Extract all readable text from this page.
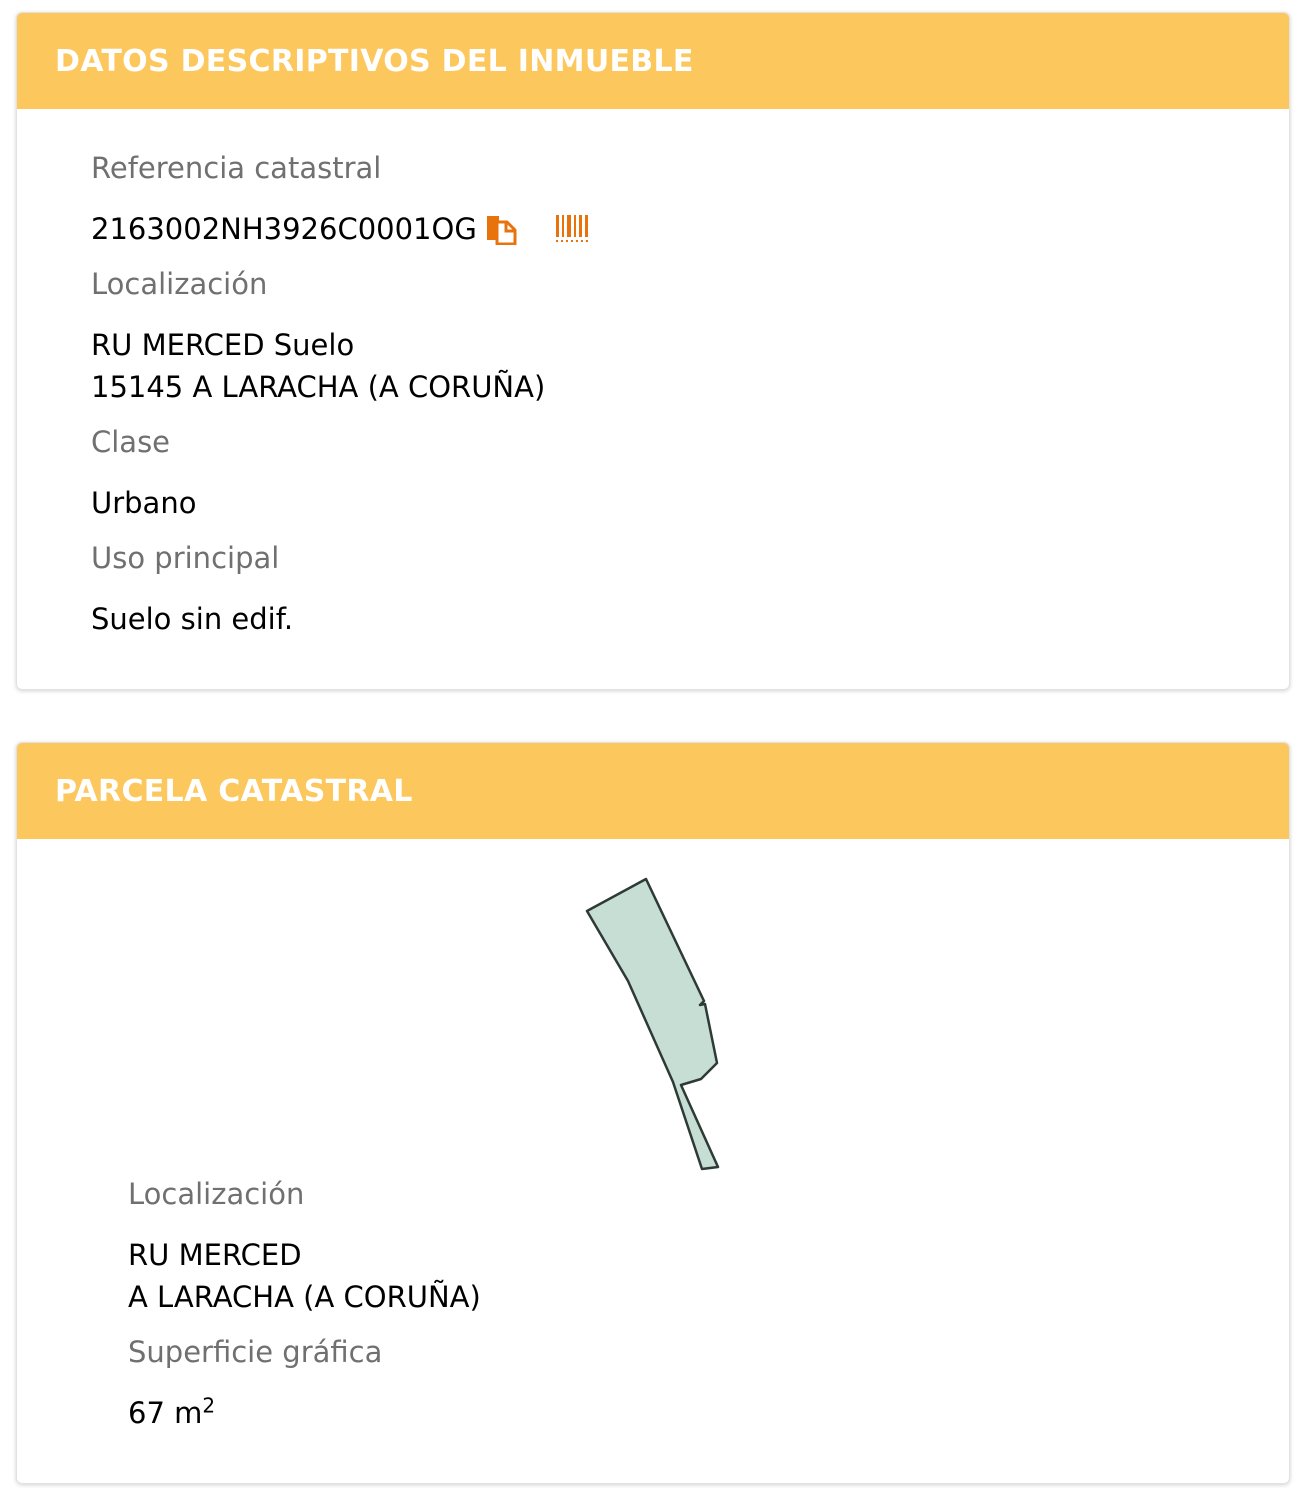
DATOS DESCRIPTIVOS DEL INMUEBLE
Referencia catastral
2163002NH3926C0001OG
Localización
RU MERCED Suelo
15145 A LARACHA (A CORUÑA)
Clase
Urbano
Uso principal
Suelo sin edif.
PARCELA CATASTRAL
Localización
RU MERCED
A LARACHA (A CORUÑA)
Superficie gráfica
67 $m^2$
